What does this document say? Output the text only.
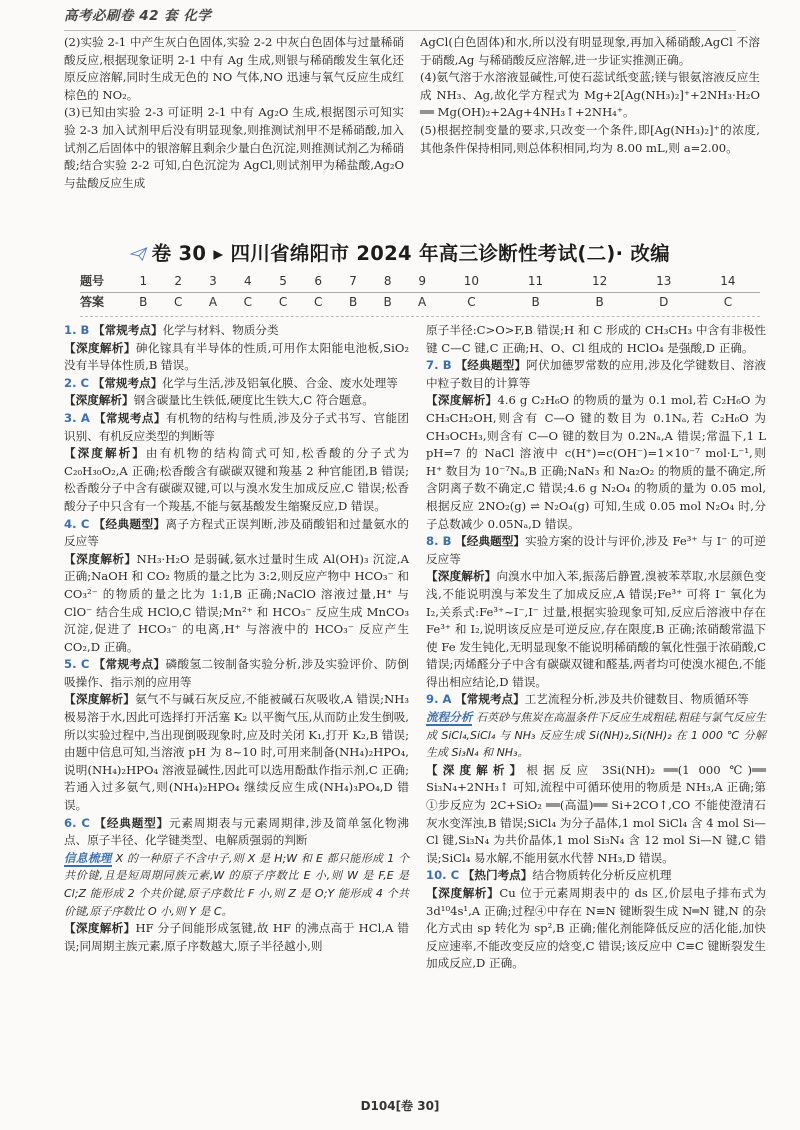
高考必刷卷 42 套 化学

(2)实验 2-1 中产生灰白色固体,实验 2-2 中灰白色固体与过量稀硝酸反应,根据现象证明 2-1 中有 Ag 生成,则银与稀硝酸发生氧化还原反应溶解,同时生成无色的 NO 气体,NO 迅速与氧气反应生成红棕色的 NO₂。

(3)已知由实验 2-3 可证明 2-1 中有 Ag₂O 生成,根据图示可知实验 2-3 加入试剂甲后没有明显现象,则推测试剂甲不是稀硝酸,加入试剂乙后固体中的银溶解且剩余少量白色沉淀,则推测试剂乙为稀硝酸;结合实验 2-2 可知,白色沉淀为 AgCl,则试剂甲为稀盐酸,Ag₂O 与盐酸反应生成

AgCl(白色固体)和水,所以没有明显现象,再加入稀硝酸,AgCl 不溶于硝酸,Ag 与稀硝酸反应溶解,进一步证实推测正确。

(4)氨气溶于水溶液显碱性,可使石蕊试纸变蓝;镁与银氨溶液反应生成 NH₃、Ag,故化学方程式为 Mg+2[Ag(NH₃)₂]⁺+2NH₃·H₂O ══ Mg(OH)₂+2Ag+4NH₃↑+2NH₄⁺。

(5)根据控制变量的要求,只改变一个条件,即[Ag(NH₃)₂]⁺的浓度,其他条件保持相同,则总体积相同,均为 8.00 mL,则 a=2.00。

卷 30 ▸ 四川省绵阳市 2024 年高三诊断性考试(二)· 改编
题号	1	2	3	4	5	6	7	8	9	10	11	12	13	14
答案	B	C	A	C	C	C	B	B	A	C	B	B	D	C

1. B 【常规考点】化学与材料、物质分类

【深度解析】砷化镓具有半导体的性质,可用作太阳能电池板,SiO₂ 没有半导体性质,B 错误。

2. C 【常规考点】化学与生活,涉及铝氧化膜、合金、废水处理等

【深度解析】钢含碳量比生铁低,硬度比生铁大,C 符合题意。

3. A 【常规考点】有机物的结构与性质,涉及分子式书写、官能团识别、有机反应类型的判断等

【深度解析】由有机物的结构简式可知,松香酸的分子式为 C₂₀H₃₀O₂,A 正确;松香酸含有碳碳双键和羧基 2 种官能团,B 错误;松香酸分子中含有碳碳双键,可以与溴水发生加成反应,C 错误;松香酸分子中只含有一个羧基,不能与氨基酸发生缩聚反应,D 错误。

4. C 【经典题型】离子方程式正误判断,涉及硝酸铝和过量氨水的反应等

【深度解析】NH₃·H₂O 是弱碱,氨水过量时生成 Al(OH)₃ 沉淀,A 正确;NaOH 和 CO₂ 物质的量之比为 3:2,则反应产物中 HCO₃⁻ 和 CO₃²⁻ 的物质的量之比为 1:1,B 正确;NaClO 溶液过量,H⁺ 与 ClO⁻ 结合生成 HClO,C 错误;Mn²⁺ 和 HCO₃⁻ 反应生成 MnCO₃ 沉淀,促进了 HCO₃⁻ 的电离,H⁺ 与溶液中的 HCO₃⁻ 反应产生 CO₂,D 正确。

5. C 【常规考点】磷酸氢二铵制备实验分析,涉及实验评价、防倒吸操作、指示剂的应用等

【深度解析】氨气不与碱石灰反应,不能被碱石灰吸收,A 错误;NH₃ 极易溶于水,因此可选择打开活塞 K₂ 以平衡气压,从而防止发生倒吸,所以实验过程中,当出现倒吸现象时,应及时关闭 K₁,打开 K₂,B 错误;由题中信息可知,当溶液 pH 为 8~10 时,可用来制备(NH₄)₂HPO₄,说明(NH₄)₂HPO₄ 溶液显碱性,因此可以选用酚酞作指示剂,C 正确;若通入过多氨气,则(NH₄)₂HPO₄ 继续反应生成(NH₄)₃PO₄,D 错误。

6. C 【经典题型】元素周期表与元素周期律,涉及简单氢化物沸点、原子半径、化学键类型、电解质强弱的判断

信息梳理 X 的一种原子不含中子,则 X 是 H;W 和 E 都只能形成 1 个共价键,且是短周期同族元素,W 的原子序数比 E 小,则 W 是 F,E 是 Cl;Z 能形成 2 个共价键,原子序数比 F 小,则 Z 是 O;Y 能形成 4 个共价键,原子序数比 O 小,则 Y 是 C。

【深度解析】HF 分子间能形成氢键,故 HF 的沸点高于 HCl,A 错误;同周期主族元素,原子序数越大,原子半径越小,则

原子半径:C>O>F,B 错误;H 和 C 形成的 CH₃CH₃ 中含有非极性键 C—C 键,C 正确;H、O、Cl 组成的 HClO₄ 是强酸,D 正确。

7. B 【经典题型】阿伏加德罗常数的应用,涉及化学键数目、溶液中粒子数目的计算等

【深度解析】4.6 g C₂H₆O 的物质的量为 0.1 mol,若 C₂H₆O 为 CH₃CH₂OH,则含有 C—O 键的数目为 0.1Nₐ,若 C₂H₆O 为 CH₃OCH₃,则含有 C—O 键的数目为 0.2Nₐ,A 错误;常温下,1 L pH=7 的 NaCl 溶液中 c(H⁺)=c(OH⁻)=1×10⁻⁷ mol·L⁻¹,则 H⁺ 数目为 10⁻⁷Nₐ,B 正确;NaN₃ 和 Na₂O₂ 的物质的量不确定,所含阴离子数不确定,C 错误;4.6 g N₂O₄ 的物质的量为 0.05 mol,根据反应 2NO₂(g) ⇌ N₂O₄(g) 可知,生成 0.05 mol N₂O₄ 时,分子总数减少 0.05Nₐ,D 错误。

8. B 【经典题型】实验方案的设计与评价,涉及 Fe³⁺ 与 I⁻ 的可逆反应等

【深度解析】向溴水中加入苯,振荡后静置,溴被苯萃取,水层颜色变浅,不能说明溴与苯发生了加成反应,A 错误;Fe³⁺ 可将 I⁻ 氧化为 I₂,关系式:Fe³⁺~I⁻,I⁻ 过量,根据实验现象可知,反应后溶液中存在 Fe³⁺ 和 I₂,说明该反应是可逆反应,存在限度,B 正确;浓硝酸常温下使 Fe 发生钝化,无明显现象不能说明稀硝酸的氧化性强于浓硝酸,C 错误;丙烯醛分子中含有碳碳双键和醛基,两者均可使溴水褪色,不能得出相应结论,D 错误。

9. A 【常规考点】工艺流程分析,涉及共价键数目、物质循环等

流程分析 石英砂与焦炭在高温条件下反应生成粗硅,粗硅与氯气反应生成 SiCl₄,SiCl₄ 与 NH₃ 反应生成 Si(NH)₂,Si(NH)₂ 在 1 000 ℃ 分解生成 Si₃N₄ 和 NH₃。

【深度解析】根据反应 3Si(NH)₂ ══(1 000 ℃)══ Si₃N₄+2NH₃↑ 可知,流程中可循环使用的物质是 NH₃,A 正确;第①步反应为 2C+SiO₂ ══(高温)══ Si+2CO↑,CO 不能使澄清石灰水变浑浊,B 错误;SiCl₄ 为分子晶体,1 mol SiCl₄ 含 4 mol Si—Cl 键,Si₃N₄ 为共价晶体,1 mol Si₃N₄ 含 12 mol Si—N 键,C 错误;SiCl₄ 易水解,不能用氨水代替 NH₃,D 错误。

10. C 【热门考点】结合物质转化分析反应机理

【深度解析】Cu 位于元素周期表中的 ds 区,价层电子排布式为 3d¹⁰4s¹,A 正确;过程④中存在 N≡N 键断裂生成 N═N 键,N 的杂化方式由 sp 转化为 sp²,B 正确;催化剂能降低反应的活化能,加快反应速率,不能改变反应的焓变,C 错误;该反应中 C≡C 键断裂发生加成反应,D 正确。

D104[卷 30]
